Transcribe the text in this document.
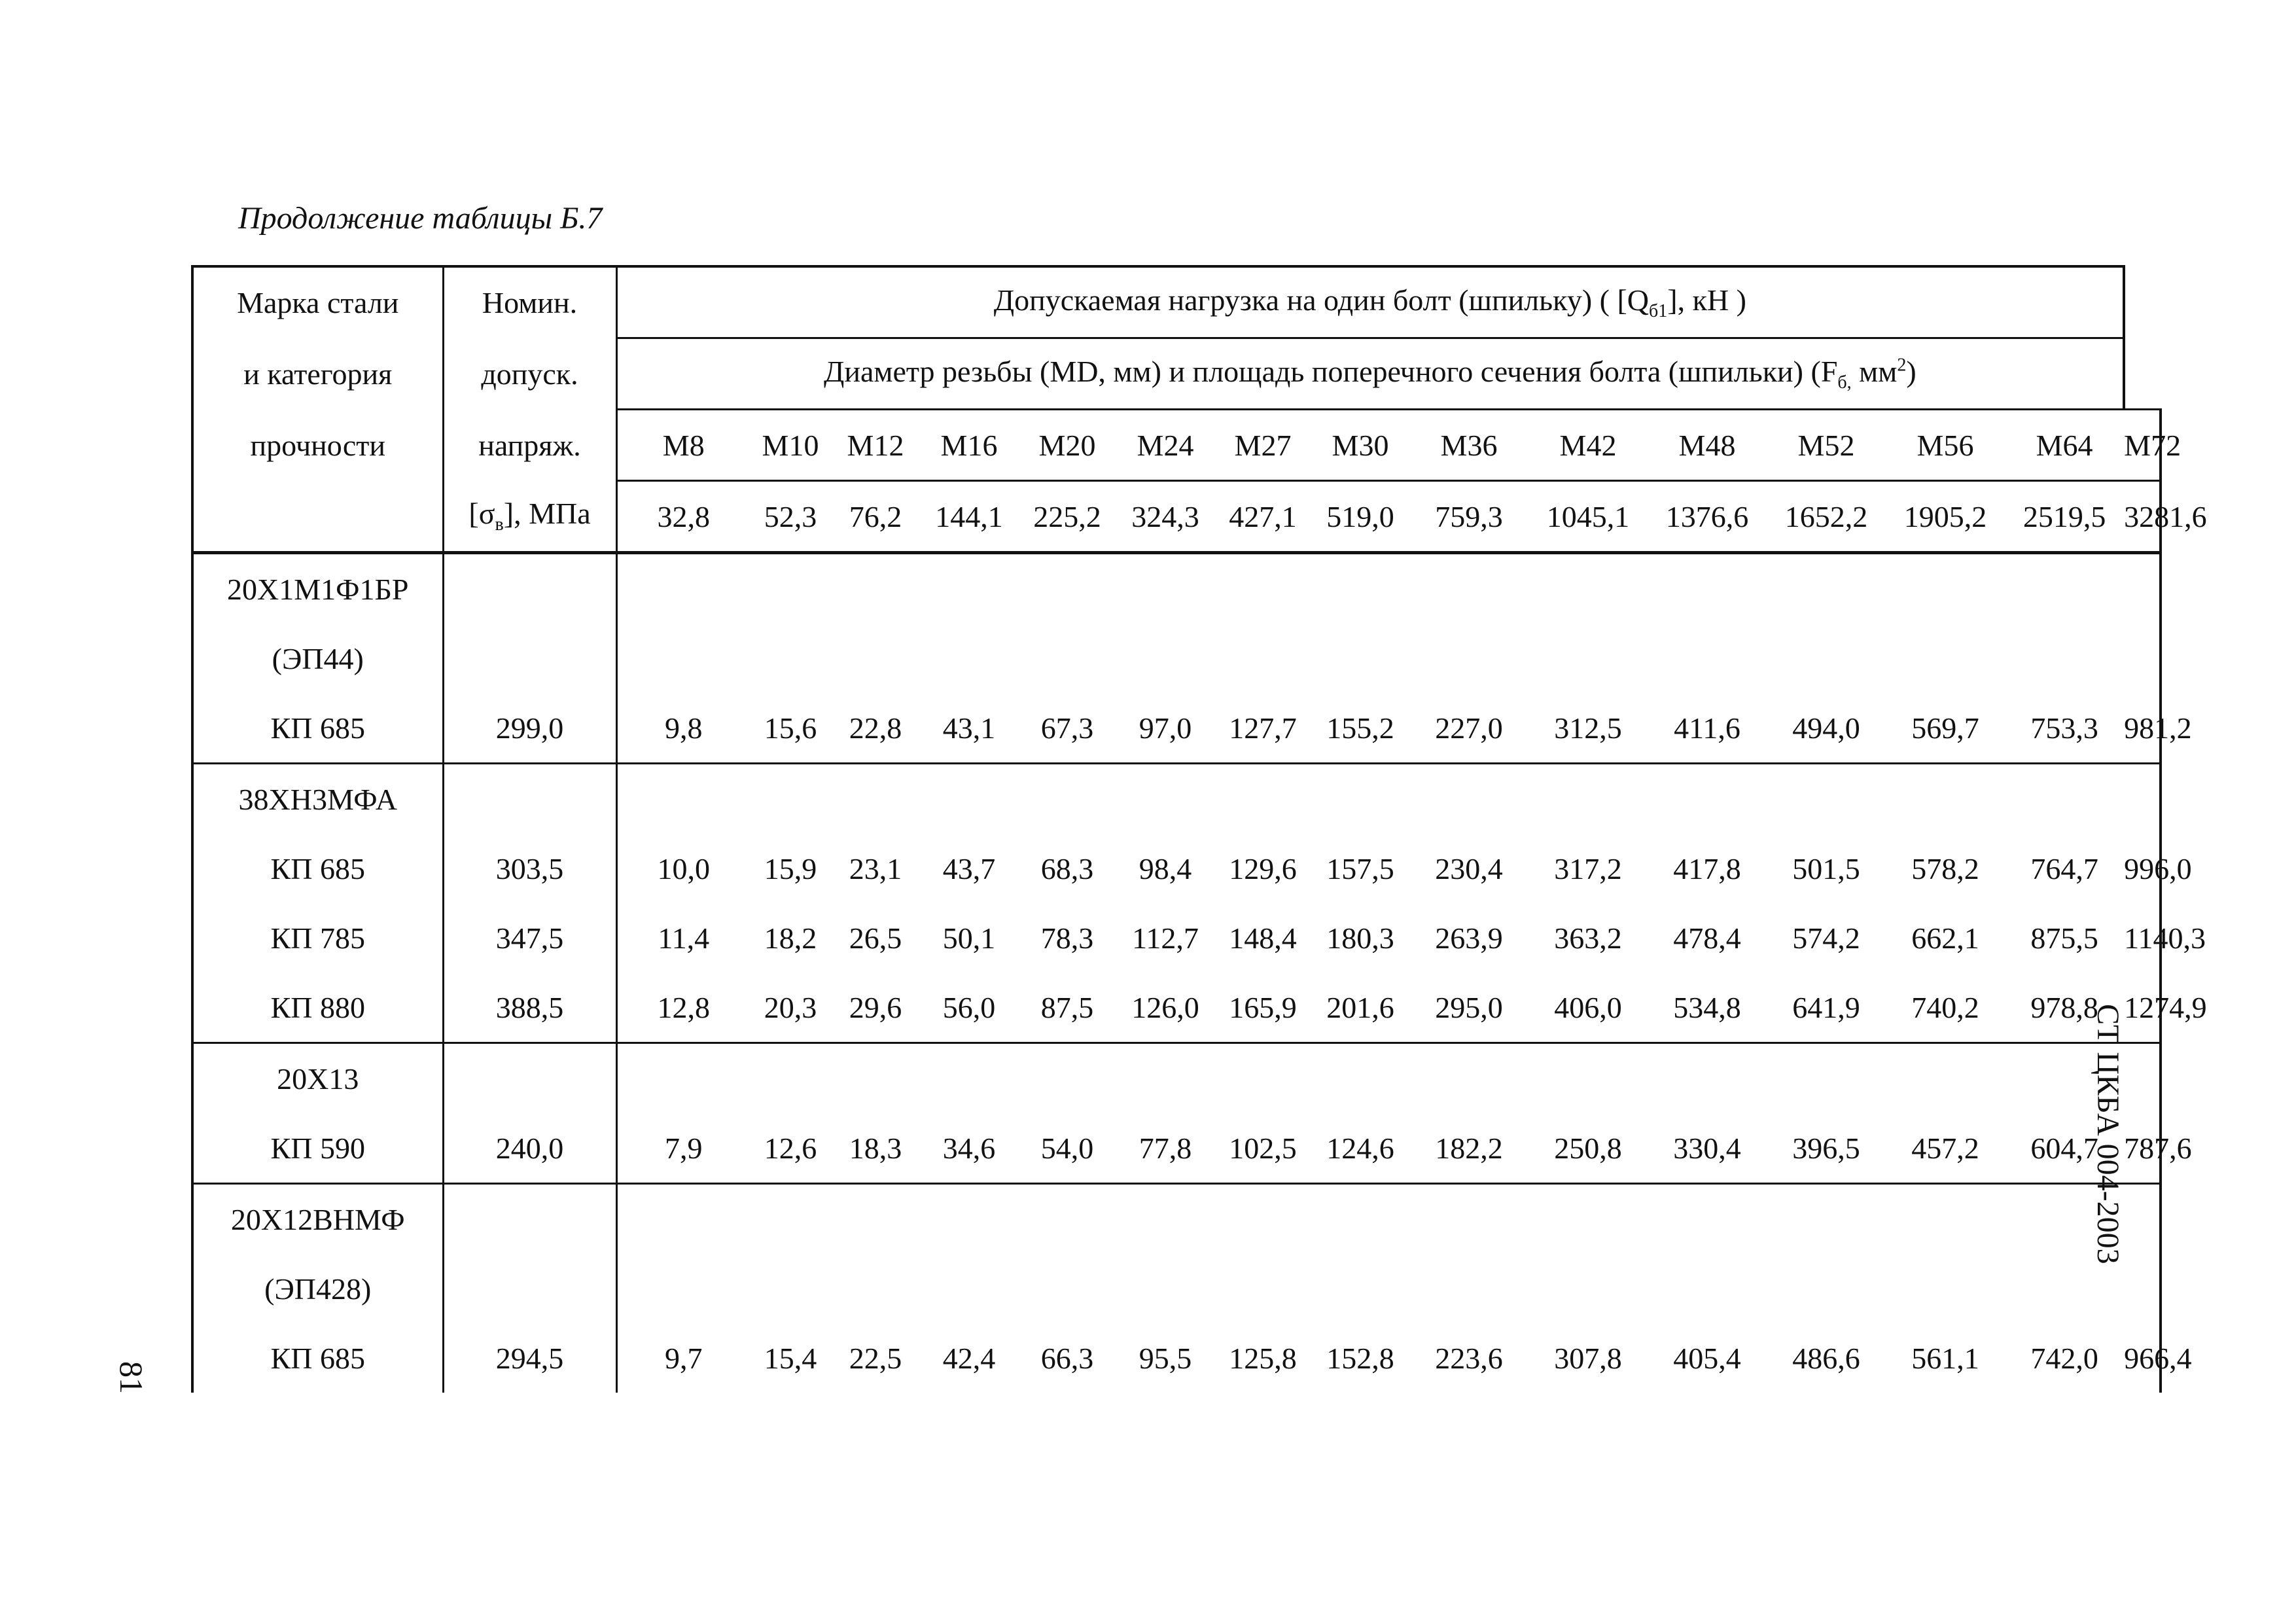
Продолжение таблицы Б.7

СТ ЦКБА 004-2003
81
Марка стали	Номин.	Допускаемая нагрузка на один болт (шпильку) ( $[Q_{б1}]$, кН )														
и категория	допуск.	Диаметр резьбы (MD, мм) и площадь поперечного сечения болта (шпильки) ($F_{б,}$ $мм^2$)														
прочности	напряж.	M8	M10	M12	M16	M20	M24	M27	M30	M36	M42	M48	M52	M56	M64	M72
	$[\sigma_в]$, МПа	32,8	52,3	76,2	144,1	225,2	324,3	427,1	519,0	759,3	1045,1	1376,6	1652,2	1905,2	2519,5	3281,6
20Х1М1Ф1БР																
(ЭП44)																
КП 685	299,0	9,8	15,6	22,8	43,1	67,3	97,0	127,7	155,2	227,0	312,5	411,6	494,0	569,7	753,3	981,2
38ХН3МФА																
КП 685	303,5	10,0	15,9	23,1	43,7	68,3	98,4	129,6	157,5	230,4	317,2	417,8	501,5	578,2	764,7	996,0
КП 785	347,5	11,4	18,2	26,5	50,1	78,3	112,7	148,4	180,3	263,9	363,2	478,4	574,2	662,1	875,5	1140,3
КП 880	388,5	12,8	20,3	29,6	56,0	87,5	126,0	165,9	201,6	295,0	406,0	534,8	641,9	740,2	978,8	1274,9
20Х13																
КП 590	240,0	7,9	12,6	18,3	34,6	54,0	77,8	102,5	124,6	182,2	250,8	330,4	396,5	457,2	604,7	787,6
20Х12ВНМФ																
(ЭП428)																
КП 685	294,5	9,7	15,4	22,5	42,4	66,3	95,5	125,8	152,8	223,6	307,8	405,4	486,6	561,1	742,0	966,4
